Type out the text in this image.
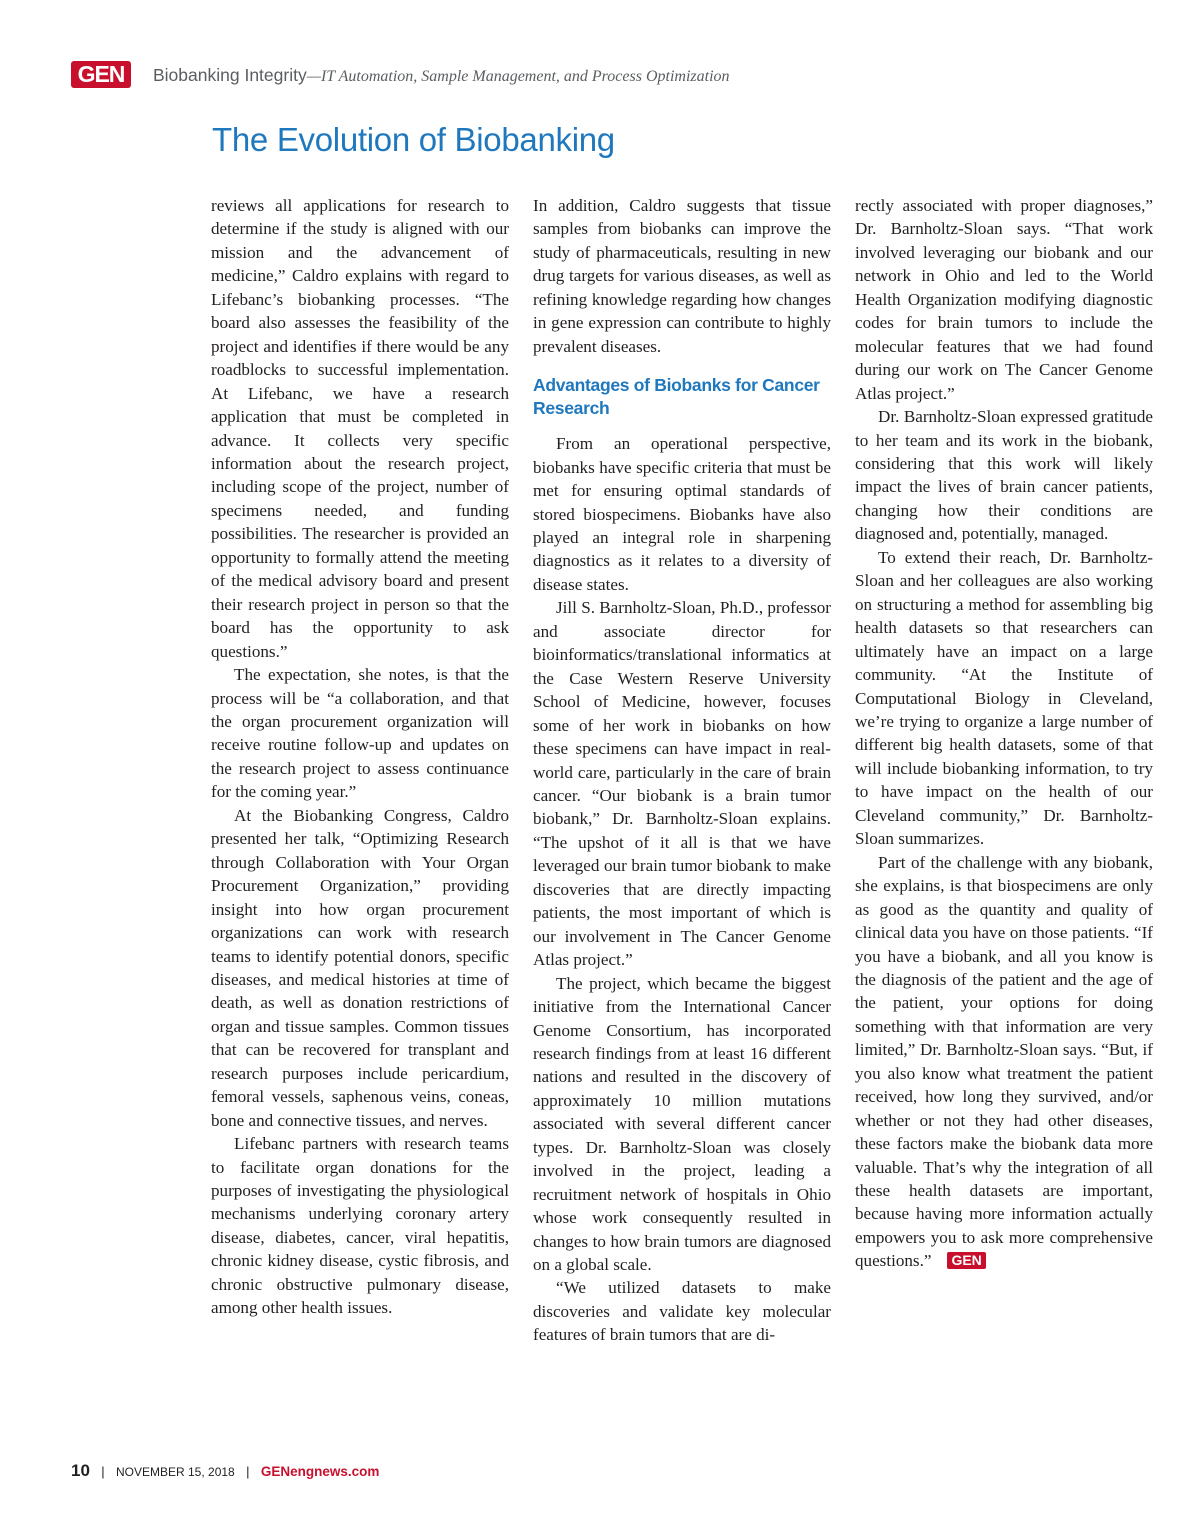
GEN	Biobanking Integrity—IT Automation, Sample Management, and Process Optimization
The Evolution of Biobanking

reviews all applications for research to determine if the study is aligned with our mission and the advancement of medicine,” Caldro explains with regard to Lifebanc’s biobanking processes. “The board also assesses the feasibility of the project and identifies if there would be any roadblocks to successful implementation. At Lifebanc, we have a research application that must be completed in advance. It collects very specific information about the research project, including scope of the project, number of specimens needed, and funding possibilities. The researcher is provided an opportunity to formally attend the meeting of the medical advisory board and present their research project in person so that the board has the opportunity to ask questions.”

The expectation, she notes, is that the process will be “a collaboration, and that the organ procurement organization will receive routine follow-up and updates on the research project to assess continuance for the coming year.”

At the Biobanking Congress, Caldro presented her talk, “Optimizing Research through Collaboration with Your Organ Procurement Organization,” providing insight into how organ procurement organizations can work with research teams to identify potential donors, specific diseases, and medical histories at time of death, as well as donation restrictions of organ and tissue samples. Common tissues that can be recovered for transplant and research purposes include pericardium, femoral vessels, saphenous veins, coneas, bone and connective tissues, and nerves.

Lifebanc partners with research teams to facilitate organ donations for the purposes of investigating the physiological mechanisms underlying coronary artery disease, diabetes, cancer, viral hepatitis, chronic kidney disease, cystic fibrosis, and chronic obstructive pulmonary disease, among other health issues.

In addition, Caldro suggests that tissue samples from biobanks can improve the study of pharmaceuticals, resulting in new drug targets for various diseases, as well as refining knowledge regarding how changes in gene expression can contribute to highly prevalent diseases.

Advantages of Biobanks for Cancer Research

From an operational perspective, biobanks have specific criteria that must be met for ensuring optimal standards of stored biospecimens. Biobanks have also played an integral role in sharpening diagnostics as it relates to a diversity of disease states.

Jill S. Barnholtz-Sloan, Ph.D., professor and associate director for bioinformatics/translational informatics at the Case Western Reserve University School of Medicine, however, focuses some of her work in biobanks on how these specimens can have impact in real-world care, particularly in the care of brain cancer. “Our biobank is a brain tumor biobank,” Dr. Barnholtz-Sloan explains. “The upshot of it all is that we have leveraged our brain tumor biobank to make discoveries that are directly impacting patients, the most important of which is our involvement in The Cancer Genome Atlas project.”

The project, which became the biggest initiative from the International Cancer Genome Consortium, has incorporated research findings from at least 16 different nations and resulted in the discovery of approximately 10 million mutations associated with several different cancer types. Dr. Barnholtz-Sloan was closely involved in the project, leading a recruitment network of hospitals in Ohio whose work consequently resulted in changes to how brain tumors are diagnosed on a global scale.

“We utilized datasets to make discoveries and validate key molecular features of brain tumors that are di-

rectly associated with proper diagnoses,” Dr. Barnholtz-Sloan says. “That work involved leveraging our biobank and our network in Ohio and led to the World Health Organization modifying diagnostic codes for brain tumors to include the molecular features that we had found during our work on The Cancer Genome Atlas project.”

Dr. Barnholtz-Sloan expressed gratitude to her team and its work in the biobank, considering that this work will likely impact the lives of brain cancer patients, changing how their conditions are diagnosed and, potentially, managed.

To extend their reach, Dr. Barnholtz-Sloan and her colleagues are also working on structuring a method for assembling big health datasets so that researchers can ultimately have an impact on a large community. “At the Institute of Computational Biology in Cleveland, we’re trying to organize a large number of different big health datasets, some of that will include biobanking information, to try to have impact on the health of our Cleveland community,” Dr. Barnholtz-Sloan summarizes.

Part of the challenge with any biobank, she explains, is that biospecimens are only as good as the quantity and quality of clinical data you have on those patients. “If you have a biobank, and all you know is the diagnosis of the patient and the age of the patient, your options for doing something with that information are very limited,” Dr. Barnholtz-Sloan says. “But, if you also know what treatment the patient received, how long they survived, and/or whether or not they had other diseases, these factors make the biobank data more valuable. That’s why the integration of all these health datasets are important, because having more information actually empowers you to ask more comprehensive questions.” GEN

10 | NOVEMBER 15, 2018 | GENengnews.com
